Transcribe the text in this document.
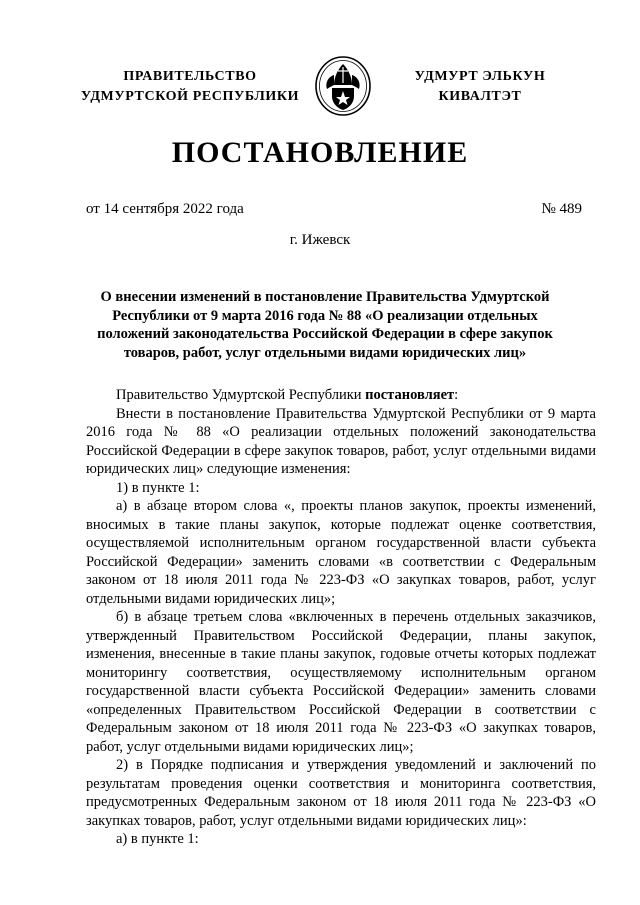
ПРАВИТЕЛЬСТВО
УДМУРТСКОЙ РЕСПУБЛИКИ
УДМУРТ ЭЛЬКУН
КИВАЛТЭТ
ПОСТАНОВЛЕНИЕ
от 14 сентября 2022 года	№ 489
г. Ижевск
О внесении изменений в постановление Правительства Удмуртской Республики от 9 марта 2016 года № 88 «О реализации отдельных положений законодательства Российской Федерации в сфере закупок товаров, работ, услуг отдельными видами юридических лиц»

Правительство Удмуртской Республики постановляет:

Внести в постановление Правительства Удмуртской Республики от 9 марта 2016 года № 88 «О реализации отдельных положений законодательства Российской Федерации в сфере закупок товаров, работ, услуг отдельными видами юридических лиц» следующие изменения:

1) в пункте 1:

а) в абзаце втором слова «, проекты планов закупок, проекты изменений, вносимых в такие планы закупок, которые подлежат оценке соответствия, осуществляемой исполнительным органом государственной власти субъекта Российской Федерации» заменить словами «в соответствии с Федеральным законом от 18 июля 2011 года № 223-ФЗ «О закупках товаров, работ, услуг отдельными видами юридических лиц»;

б) в абзаце третьем слова «включенных в перечень отдельных заказчиков, утвержденный Правительством Российской Федерации, планы закупок, изменения, внесенные в такие планы закупок, годовые отчеты которых подлежат мониторингу соответствия, осуществляемому исполнительным органом государственной власти субъекта Российской Федерации» заменить словами «определенных Правительством Российской Федерации в соответствии с Федеральным законом от 18 июля 2011 года № 223-ФЗ «О закупках товаров, работ, услуг отдельными видами юридических лиц»;

2) в Порядке подписания и утверждения уведомлений и заключений по результатам проведения оценки соответствия и мониторинга соответствия, предусмотренных Федеральным законом от 18 июля 2011 года № 223-ФЗ «О закупках товаров, работ, услуг отдельными видами юридических лиц»:

а) в пункте 1:
